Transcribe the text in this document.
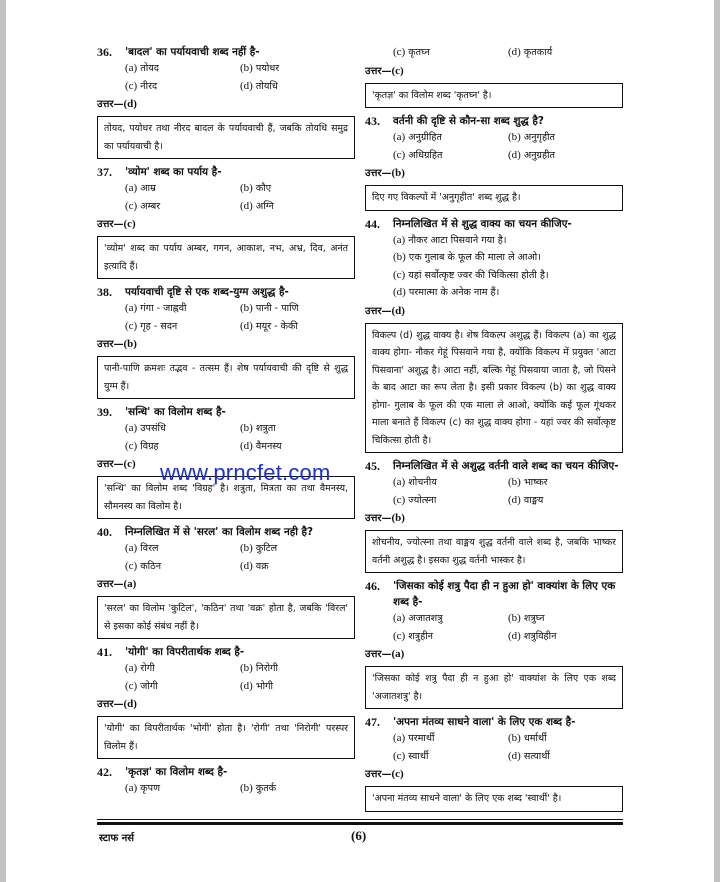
36.	'बादल' का पर्यायवाची शब्द नहीं है-
(a) तोयद	(b) पयोधर
(c) नीरद	(d) तोयधि
उत्तर—(d)
तोयद, पयोधर तथा नीरद बादल के पर्यायवाची हैं, जबकि तोयधि समुद्र का पर्यायवाची है।
37.	'व्योम' शब्द का पर्याय है-
(a) आम्र	(b) कौए
(c) अम्बर	(d) अग्नि
उत्तर—(c)
'व्योम' शब्द का पर्याय अम्बर, गगन, आकाश, नभ, अभ्र, दिव, अनंत इत्यादि हैं।
38.	पर्यायवाची दृष्टि से एक शब्द-युग्म अशुद्ध है-
(a) गंगा - जाह्नवी	(b) पानी - पाणि
(c) गृह - सदन	(d) मयूर - केकी
उत्तर—(b)
पानी-पाणि क्रमशः तद्भव - तत्सम हैं। शेष पर्यायवाची की दृष्टि से शुद्ध युग्म हैं।
39.	'सन्धि' का विलोम शब्द है-
(a) उपसंधि	(b) शत्रुता
(c) विग्रह	(d) वैमनस्य
उत्तर—(c)
'सन्धि' का विलोम शब्द 'विग्रह' है। शत्रुता, मित्रता का तथा वैमनस्य, सौमनस्य का विलोम है।
40.	निम्नलिखित में से 'सरल' का विलोम शब्द नही है?
(a) विरल	(b) कुटिल
(c) कठिन	(d) वक्र
उत्तर—(a)
'सरल' का विलोम 'कुटिल', 'कठिन' तथा 'वक्र' होता है, जबकि 'विरल' से इसका कोई संबंध नहीं है।
41.	'योगी' का विपरीतार्थक शब्द है-
(a) रोगी	(b) निरोगी
(c) जोगी	(d) भोगी
उत्तर—(d)
'योगी' का विपरीतार्थक 'भोगी' होता है। 'रोगी' तथा 'निरोगी' परस्पर विलोम हैं।
42.	'कृतज्ञ' का विलोम शब्द है-
(a) कृपण	(b) कुतर्क
(c) कृतघ्न	(d) कृतकार्य
उत्तर—(c)
'कृतज्ञ' का विलोम शब्द 'कृतघ्न' है।
43.	वर्तनी की दृष्टि से कौन-सा शब्द शुद्ध है?
(a) अनुग्रीहित	(b) अनुगृहीत
(c) अधिग्रहित	(d) अनुग्रहीत
उत्तर—(b)
दिए गए विकल्पों में 'अनुगृहीत' शब्द शुद्ध है।
44.	निम्नलिखित में से शुद्ध वाक्य का चयन कीजिए-
(a) नौकर आटा पिसवाने गया है।
(b) एक गुलाब के फूल की माला ले आओ।
(c) यहां सर्वोत्कृष्ट ज्वर की चिकित्सा होती है।
(d) परमात्मा के अनेक नाम हैं।
उत्तर—(d)
विकल्प (d) शुद्ध वाक्य है। शेष विकल्प अशुद्ध हैं। विकल्प (a) का शुद्ध वाक्य होगा- नौकर गेहूं पिसवाने गया है, क्योंकि विकल्प में प्रयुक्त 'आटा पिसवाना' अशुद्ध है। आटा नहीं, बल्कि गेहूं पिसवाया जाता है, जो पिसने के बाद आटा का रूप लेता है। इसी प्रकार विकल्प (b) का शुद्ध वाक्य होगा- गुलाब के फूल की एक माला ले आओ, क्योंकि कई फूल गूंथकर माला बनाते हैं विकल्प (c) का शुद्ध वाक्य होगा - यहां ज्वर की सर्वोत्कृष्ट चिकित्सा होती है।
45.	निम्नलिखित में से अशुद्ध वर्तनी वाले शब्द का चयन कीजिए-
(a) शोचनीय	(b) भाष्कर
(c) ज्योत्स्ना	(d) वाङ्मय
उत्तर—(b)
शोचनीय, ज्योत्स्ना तथा वाङ्मय शुद्ध वर्तनी वाले शब्द है, जबकि भाष्कर वर्तनी अशुद्ध है। इसका शुद्ध वर्तनी भास्कर है।
46.	'जिसका कोई शत्रु पैदा ही न हुआ हो' वाक्यांश के लिए एक शब्द है-
(a) अजातशत्रु	(b) शत्रुघ्न
(c) शत्रुहीन	(d) शत्रुविहीन
उत्तर—(a)
'जिसका कोई शत्रु पैदा ही न हुआ हो' वाक्यांश के लिए एक शब्द 'अजातशत्रु' है।
47.	'अपना मंतव्य साधने वाला' के लिए एक शब्द है-
(a) परमार्थी	(b) धर्मार्थी
(c) स्वार्थी	(d) सत्यार्थी
उत्तर—(c)
'अपना मंतव्य साधने वाला' के लिए एक शब्द 'स्वार्थी' है।
www.prncfet.com
स्टाफ नर्स	(6)
